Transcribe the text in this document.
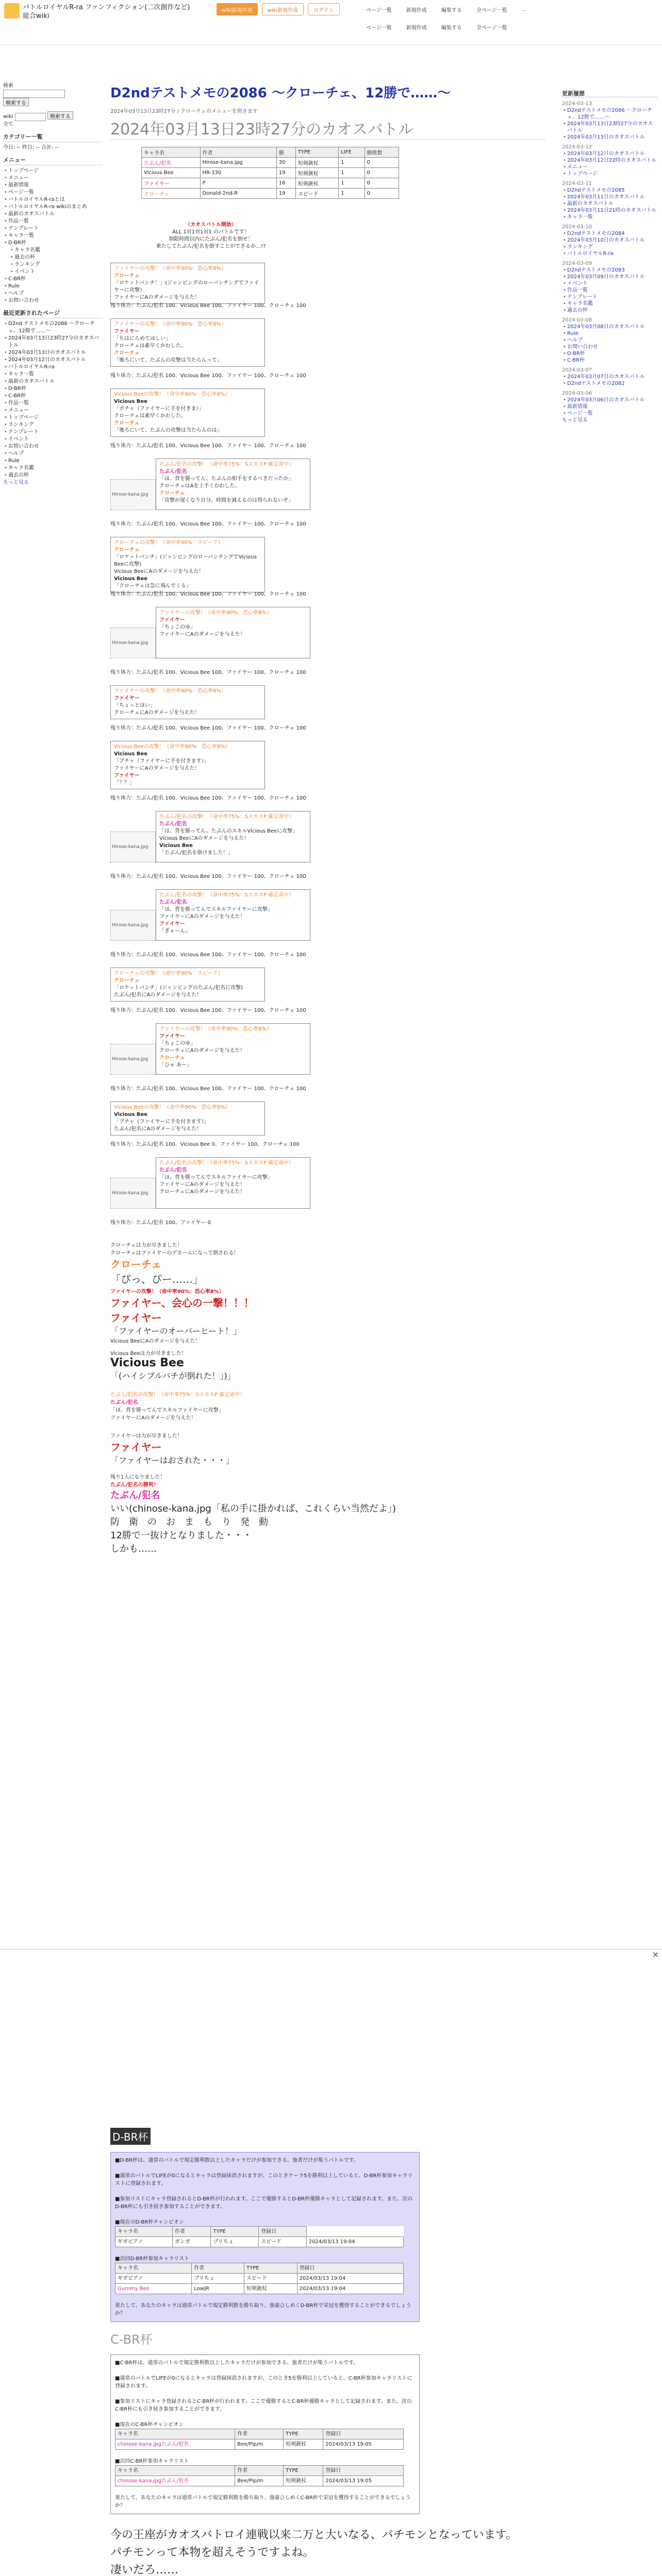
バトルロイヤルR-ra ファンフィクション(二次創作など)総合wiki
wiki新規作成	wiki新規作成	ログイン	ページ一覧	新規作成	編集する	全ページ一覧	...
ページ一覧	新規作成	編集する	全ページ一覧
検索

検索する
wiki	検索する
全て
カテゴリー一覧
今日: -- 昨日: -- 合計: --
メニュー
• トップページ
• メニュー
• 最新情報
• ページ一覧
• バトルロイヤルR-raとは
• バトルロイヤルR-ra wikiのまとめ
• 最新のカオスバトル
• 作品一覧
• テンプレート
• キャラ一覧
• D-BR杯
• キャラ名鑑
• 過去の杯
• ランキング
• イベント
• C-BR杯
• Rule
• ヘルプ
• お問い合わせ
最近更新されたページ
• D2nd テストメモの2086 〜クローチェ、12勝で……〜
• 2024年03月13日23時27分のカオスバトル
• 2024年03月13日のカオスバトル
• 2024年03月12日のカオスバトル
• バトルロイヤルR-ra
• キャラ一覧
• 最新のカオスバトル
• D-BR杯
• C-BR杯
• 作品一覧
• メニュー
• トップページ
• ランキング
• テンプレート
• イベント
• お問い合わせ
• ヘルプ
• Rule
• キャラ名鑑
• 過去の杯
もっと見る
D2ndテストメモの2086 〜クローチェ、12勝で……〜
2024年03月13日23時27分 / クローチェのメニューを開きます
2024年03月13日23時27分のカオスバトル
キャラ名	作者	勝	TYPE	LIFE	勝敗数
たぶん/犯名	Hirose-kana.jpg	30	短剣銃杖	1	0
Vicious Bee	HR-330	19	短剣銃杖	1	0
ファイヤー	P	16	短剣銃杖	1	0
クローチェ	Donald-2nd-R	19	スピード	1	0
（カオスバトル開始）
ALL 1対1対1対1 のバトルです！
制限時間以内にたぶん/犯名を倒せ！
乗たしてたぶん/犯名を倒すことができるか…!?
ファイヤーの攻撃！（命中率90%：恐心率8%）
クローチェ
「ロケットパンチ！」(ジャンピングのローパンチングでファイヤーに攻撃）
ファイヤーにAのダメージを与えた！
残り体力：たぶん/犯名 100、Vicious Bee 100、ファイヤー 100、クローチェ 100
ファイヤーの攻撃！（命中率90%：恐心率8%）
ファイヤー
「ちはにらめてほしい」
クローチェは素早くかわした。
クローチェ
「後ろにいて、たぶんの攻撃は当たらんって」
残り体力：たぶん/犯名 100、Vicious Bee 100、ファイヤー 100、クローチェ 100
Vicious Beeの攻撃！（命中率90%：恐心率8%）
Vicious Bee
「ポチャ（ファイヤーに手を付きま）」
クローチェは素早くかわした。
クローチェ
「後ろにいて、たぶんの攻撃は当たらんのは」
残り体力：たぶん/犯名 100、Vicious Bee 100、ファイヤー 100、クローチェ 100
Hirose-kana.jpg
たぶん/犯名の攻撃！（命中率75%：SスカスP 確定命中）
たぶん/犯名
「ほ、背を勝ってん。たぶんの相手をするべきだったか」
クローチェはAを上手くかわした。
クローチェ
「攻撃が遅くなり自分、時間を減えるのは得られないぞ」
残り体力：たぶん/犯名 100、Vicious Bee 100、ファイヤー 100、クローチェ 100
クローチェの攻撃！（命中率90%：スピード）
クローチェ
「ロケットパンチ」(ジャンピングのローパンチングでVicious Beeに攻撃)
Vicious BeeにAのダメージを与えた！
Vicious Bee
「クローチェは急に飛んでくる」
残り体力：たぶん/犯名 100、Vicious Bee 100、ファイヤー 100、クローチェ 100
Hirose-kana.jpg
ファイヤーの攻撃！（命中率90%：恐心率8%）
ファイヤー
「ちょこのゆ」
ファイヤーにAのダメージを与えた！
残り体力：たぶん/犯名 100、Vicious Bee 100、ファイヤー 100、クローチェ 100
ファイヤーの攻撃！（命中率90%：恐心率8%）
ファイヤー
「ちょっとほい」
クローチェにAのダメージを与えた！
残り体力：たぶん/犯名 100、Vicious Bee 100、ファイヤー 100、クローチェ 100
Vicious Beeの攻撃！（命中率90%：恐心率8%）
Vicious Bee
「ブチャ（ファイヤーに手を付きます）」
ファイヤーにAのダメージを与えた！
ファイヤー
「？？」
残り体力：たぶん/犯名 100、Vicious Bee 100、ファイヤー 100、クローチェ 100
Hirose-kana.jpg
たぶん/犯名の攻撃！（命中率75%：SスカスP 確定命中）
たぶん/犯名
「は、背を勝ってん。たぶんのスキルVicious Beeに攻撃」
Vicious BeeにAのダメージを与えた！
Vicious Bee
「たぶん/犯名を掛けました！」
残り体力：たぶん/犯名 100、Vicious Bee 100、ファイヤー 100、クローチェ 100
Hirose-kana.jpg
たぶん/犯名の攻撃！（命中率75%：SスカスP 確定命中）
たぶん/犯名
「ほ、背を勝ってんでスキルファイヤーに攻撃」
ファイヤーにAのダメージを与えた！
ファイヤー
「ぎゃーん」
残り体力：たぶん/犯名 100、Vicious Bee 100、ファイヤー 100、クローチェ 100
クローチェの攻撃！（命中率90%：スピード）
クローチェ
「ロケットパンチ」(ジャンピングのたぶん/犯名に攻撃)
たぶん/犯名にAのダメージを与えた！
残り体力：たぶん/犯名 100、Vicious Bee 100、ファイヤー 100、クローチェ 100
Hirose-kana.jpg
ファイヤーの攻撃！（命中率90%：恐心率8%）
ファイヤー
「ちょこのゆ」
クローチェにAのダメージを与えた！
クローチェ
「ひゃ あー」
残り体力：たぶん/犯名 100、Vicious Bee 100、ファイヤー 100、クローチェ 100
Vicious Beeの攻撃！（命中率90%：恐心率8%）
Vicious Bee
「ブチャ（ファイヤーに手を付きます）」
たぶん/犯名にAのダメージを与えた！
残り体力：たぶん/犯名 100、Vicious Bee 0、ファイヤー 100、クローチェ 100
Hirose-kana.jpg
たぶん/犯名の攻撃！（命中率75%：SスカスP 確定命中）
たぶん/犯名
「ほ、背を勝ってんでスキルファイヤーに攻撃」
ファイヤーにAのダメージを与えた！
クローチェにAのダメージを与えた！
残り体力：たぶん/犯名 100、ファイヤー 0
クローチェは力が尽きました！
クローチェはファイヤーのデカームになって倒される！
クローチェ
「ぴっ、ぴー……」
ファイヤーの攻撃！（命中率90%：恐心率8%）
ファイヤー、会心の一撃！！！
ファイヤー
「ファイヤーのオーバーヒート！」
Vicious BeeにAのダメージを与えた！
Vicious Beeは力が尽きました！
Vicious Bee
「(ハイシブルバチが倒れた！」)」
たぶん/犯名の攻撃！（命中率75%：SスカスP 確定命中）
たぶん/犯名
「ほ、背を勝ってんでスキルファイヤーに攻撃」
ファイヤーにAのダメージを与えた！
ファイヤーは力が尽きました！
ファイヤー
「ファイヤーはおされた・・・」
残り1人になりました！
たぶん/犯名の勝利！
たぶん/犯名
いい(chinose-kana.jpg「私の手に掛かれば、これくらい当然だよ」)
防　衛　の　お　ま　も　り　発　動
12勝で一抜けとなりました・・・
しかも……
D-BR杯
■D-BR杯は、通常のバトルで規定勝利数以上したキャラだけが参加できる、強者だけが集うバトルです。

■通常のバトルでLIFEが0になるとキャラは登録抹消されますが、このときケーラ5を勝利以上していると、D-BR杯参加キャラリストに登録されます。

■参加リストにキャラ登録されるとD-BR杯が行われます。ここで優勝するとD-BR杯優勝キャラとして記録されます。また、次のD-BR杯にも引き続き参加することができます。

■現在のD-BR杯チャンピオン
キャラ名	作者	TYPE	登録日	
ギガピアノ	ガンガ	プリちょ	スピード	2024/03/13 19:04

■次回D-BR杯参加キャラリスト
キャラ名	作者	TYPE	登録日
ギガピアノ	プリちょ	スピード	2024/03/13 19:04
Gummy Bee	LowJR	短剣銃杖	2024/03/13 19:04

果たして、あなたのキャラは通常バトルで規定勝利数を勝ち取り、強豪ひしめくD-BR杯で栄冠を獲得することができるでしょうか？
C-BR杯
■C-BR杯は、通常のバトルで規定勝利数以上したキャラだけが参加できる、強者だけが集うバトルです。

■通常のバトルでLIFEが0になるとキャラは登録抹消されますが、このとき5を勝利以上していると、C-BR杯参加キャラリストに登録されます。

■参加リストにキャラ登録されるとC-BR杯が行われます。ここで優勝するとC-BR杯優勝キャラとして記録されます。また、次のC-BR杯にも引き続き参加することができます。

■現在のC-BR杯チャンピオン
キャラ名	作者	TYPE	登録日
chinose-kana.jpgたぶん/犯名	Bee/Pip/m	短剣銃杖	2024/03/13 19:05

■次回C-BR杯参加キャラリスト
キャラ名	作者	TYPE	登録日
chinose-kana.jpgたぶん/犯名	Bee/Pip/m	短剣銃杖	2024/03/13 19:05

果たして、あなたのキャラは通常バトルで規定勝利数を勝ち取り、強豪ひしめくC-BR杯で栄冠を獲得することができるでしょうか？
今の王座がカオスバトロイ連戦以来二万と大いなる、パチモンとなっています。
パチモンって本物を超えそうですよね。
凄いだろ……
更新履歴
2024-03-13
• D2ndテストメモの2086 〜クローチェ、12勝で……〜
• 2024年03月13日23時27分のカオスバトル
• 2024年03月13日のカオスバトル
2024-03-12
• 2024年03月12日のカオスバトル
• 2024年03月12日22時のカオスバトル
• メニュー
• トップページ
2024-03-11
• D2ndテストメモの2085
• 2024年03月11日のカオスバトル
• 最新のカオスバトル
• 2024年03月11日21時のカオスバトル
• キャラ一覧
2024-03-10
• D2ndテストメモの2084
• 2024年03月10日のカオスバトル
• ランキング
• バトルロイヤルR-ra
2024-03-09
• D2ndテストメモの2083
• 2024年03月09日のカオスバトル
• イベント
• 作品一覧
• テンプレート
• キャラ名鑑
• 過去の杯
2024-03-08
• 2024年03月08日のカオスバトル
• Rule
• ヘルプ
• お問い合わせ
• D-BR杯
• C-BR杯
2024-03-07
• 2024年03月07日のカオスバトル
• D2ndテストメモの2082
2024-03-06
• 2024年03月06日のカオスバトル
• 最新情報
• ページ一覧
もっと見る
×
